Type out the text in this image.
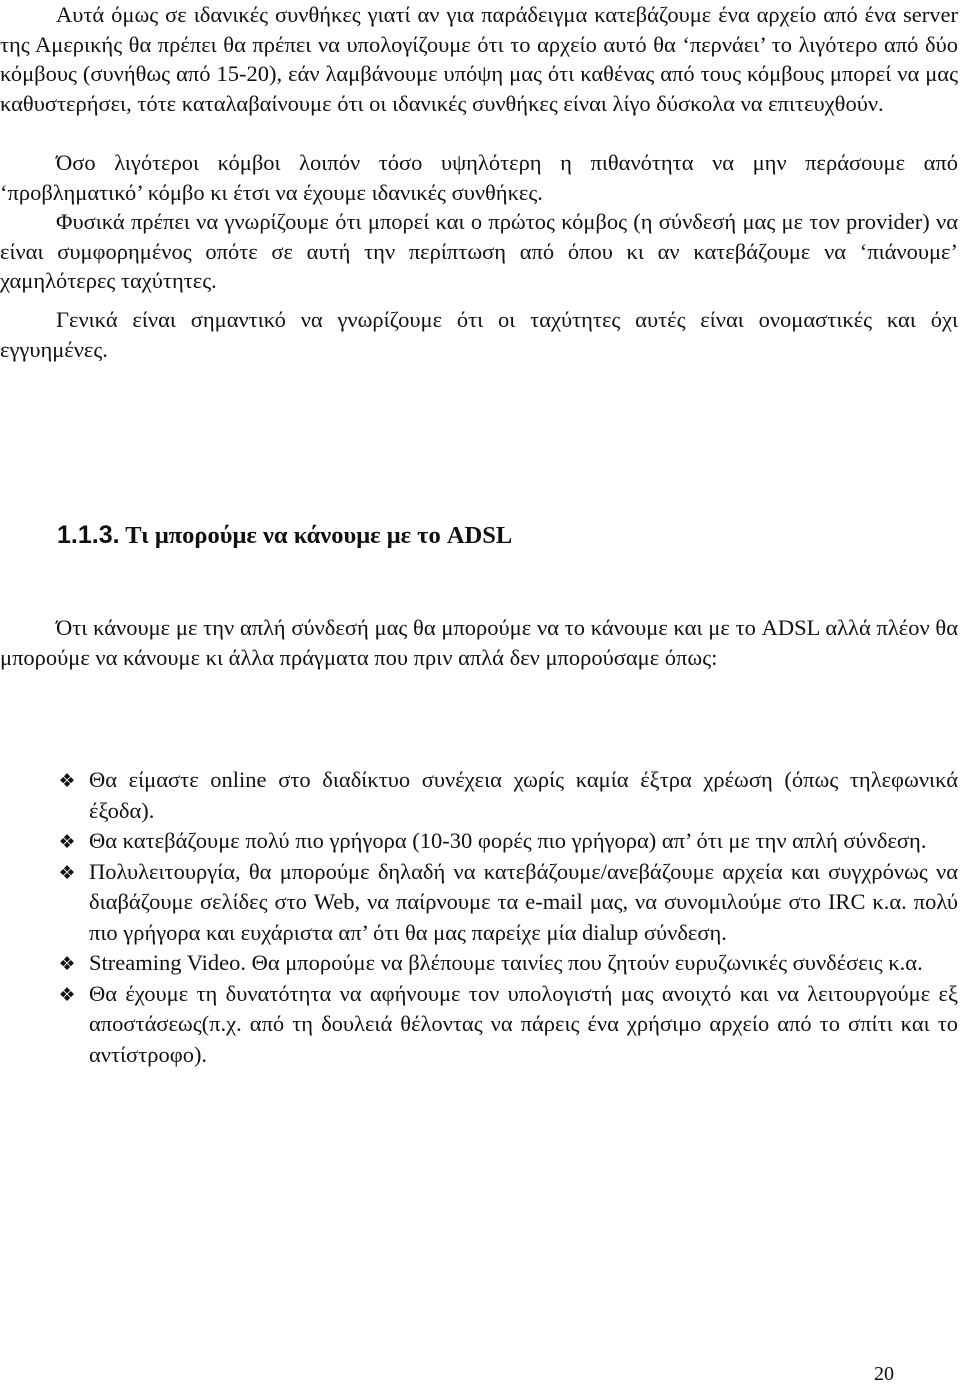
Αυτά όμως σε ιδανικές συνθήκες γιατί αν για παράδειγμα κατεβάζουμε ένα αρχείο από ένα server της Αμερικής θα πρέπει θα πρέπει να υπολογίζουμε ότι το αρχείο αυτό θα ‘περνάει’ το λιγότερο από δύο κόμβους (συνήθως από 15-20), εάν λαμβάνουμε υπόψη μας ότι καθένας από τους κόμβους μπορεί να μας καθυστερήσει, τότε καταλαβαίνουμε ότι οι ιδανικές συνθήκες είναι λίγο δύσκολα να επιτευχθούν.

Όσο λιγότεροι κόμβοι λοιπόν τόσο υψηλότερη η πιθανότητα να μην περάσουμε από ‘προβληματικό’ κόμβο κι έτσι να έχουμε ιδανικές συνθήκες.

Φυσικά πρέπει να γνωρίζουμε ότι μπορεί και ο πρώτος κόμβος (η σύνδεσή μας με τον provider) να είναι συμφορημένος οπότε σε αυτή την περίπτωση από όπου κι αν κατεβάζουμε να ‘πιάνουμε’ χαμηλότερες ταχύτητες.

Γενικά είναι σημαντικό να γνωρίζουμε ότι οι ταχύτητες αυτές είναι ονομαστικές και όχι εγγυημένες.

1.1.3. Τι μπορούμε να κάνουμε με το ADSL

Ότι κάνουμε με την απλή σύνδεσή μας θα μπορούμε να το κάνουμε και με το ADSL αλλά πλέον θα μπορούμε να κάνουμε κι άλλα πράγματα που πριν απλά δεν μπορούσαμε όπως:

❖ Θα είμαστε online στο διαδίκτυο συνέχεια χωρίς καμία έξτρα χρέωση (όπως τηλεφωνικά έξοδα).
❖ Θα κατεβάζουμε πολύ πιο γρήγορα (10-30 φορές πιο γρήγορα) απ’ ότι με την απλή σύνδεση.
❖ Πολυλειτουργία, θα μπορούμε δηλαδή να κατεβάζουμε/ανεβάζουμε αρχεία και συγχρόνως να διαβάζουμε σελίδες στο Web, να παίρνουμε τα e-mail μας, να συνομιλούμε στο IRC κ.α. πολύ πιο γρήγορα και ευχάριστα απ’ ότι θα μας παρείχε μία dialup σύνδεση.
❖ Streaming Video. Θα μπορούμε να βλέπουμε ταινίες που ζητούν ευρυζωνικές συνδέσεις κ.α.
❖ Θα έχουμε τη δυνατότητα να αφήνουμε τον υπολογιστή μας ανοιχτό και να λειτουργούμε εξ αποστάσεως(π.χ. από τη δουλειά θέλοντας να πάρεις ένα χρήσιμο αρχείο από το σπίτι και το αντίστροφο).
20
